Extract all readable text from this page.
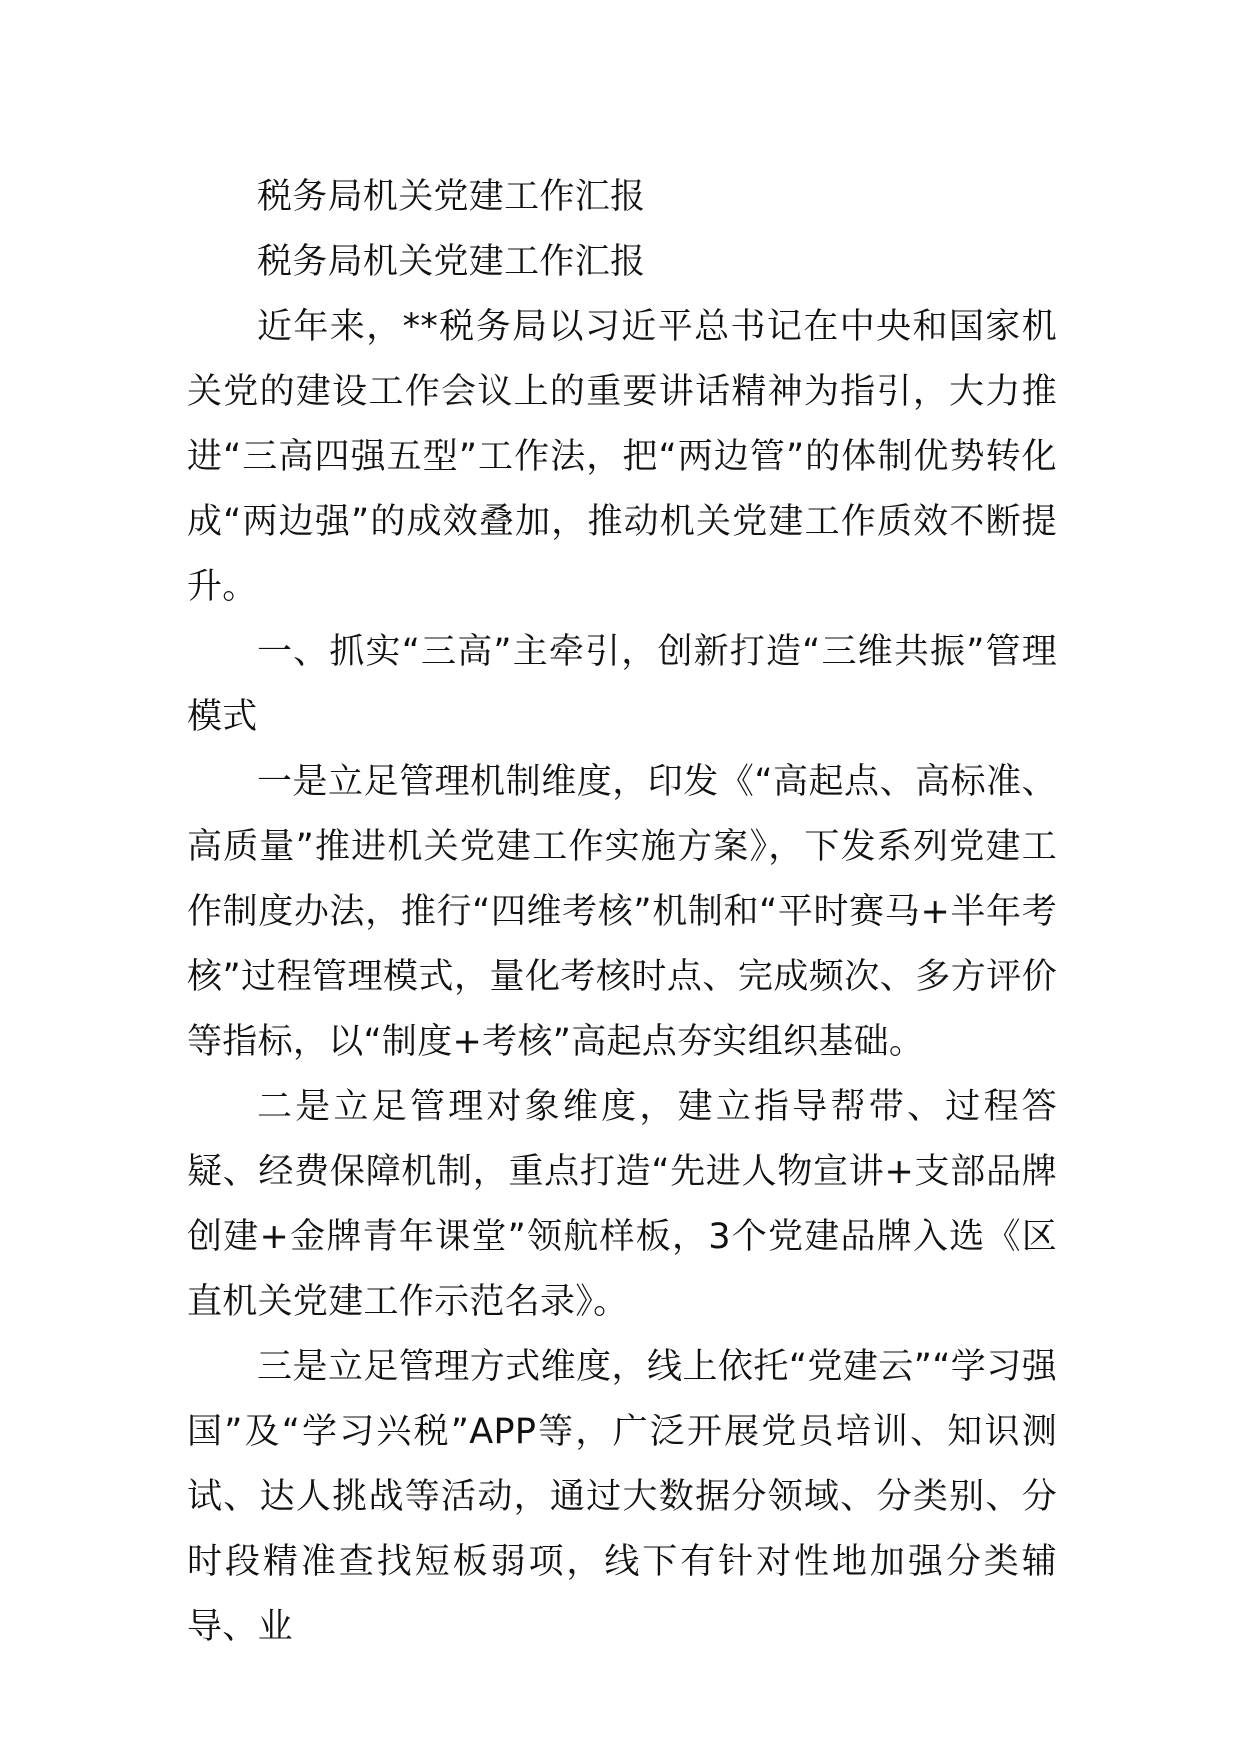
税务局机关党建工作汇报

税务局机关党建工作汇报

近年来，**税务局以习近平总书记在中央和国家机关党的建设工作会议上的重要讲话精神为指引，大力推进“三高四强五型”工作法，把“两边管”的体制优势转化成“两边强”的成效叠加，推动机关党建工作质效不断提升。

一、抓实“三高”主牵引，创新打造“三维共振”管理模式

一是立足管理机制维度，印发《“高起点、高标准、高质量”推进机关党建工作实施方案》，下发系列党建工作制度办法，推行“四维考核”机制和“平时赛马+半年考核”过程管理模式，量化考核时点、完成频次、多方评价等指标，以“制度+考核”高起点夯实组织基础。

二是立足管理对象维度，建立指导帮带、过程答疑、经费保障机制，重点打造“先进人物宣讲+支部品牌创建+金牌青年课堂”领航样板，3个党建品牌入选《区直机关党建工作示范名录》。

三是立足管理方式维度，线上依托“党建云”“学习强国”及“学习兴税”APP等，广泛开展党员培训、知识测试、达人挑战等活动，通过大数据分领域、分类别、分时段精准查找短板弱项，线下有针对性地加强分类辅导、业
